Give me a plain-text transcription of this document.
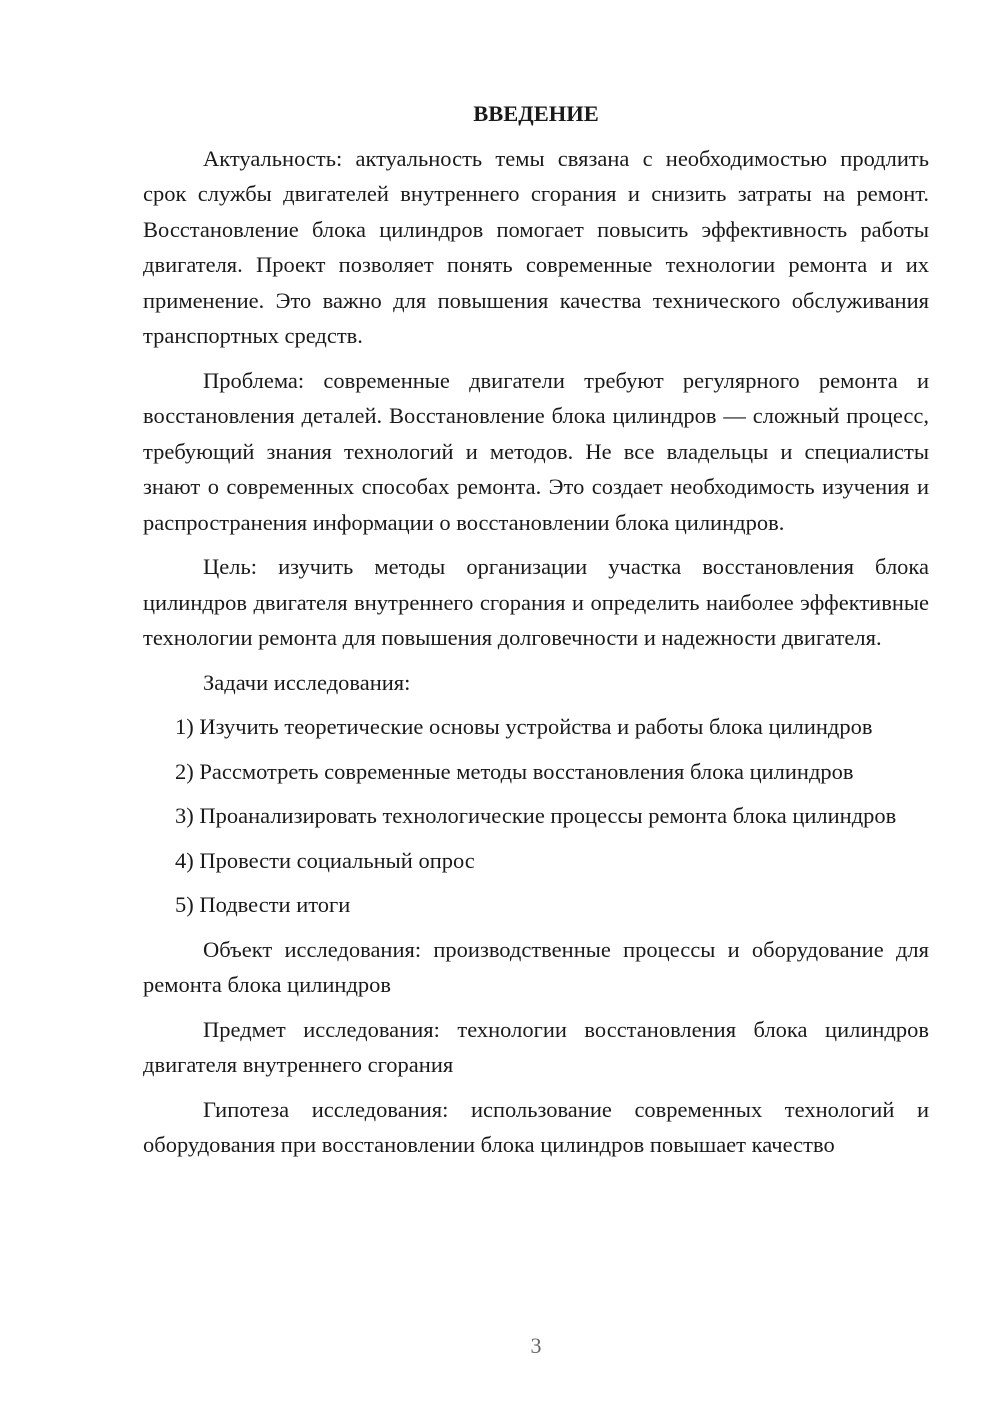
ВВЕДЕНИЕ

Актуальность: актуальность темы связана с необходимостью продлить срок службы двигателей внутреннего сгорания и снизить затраты на ремонт. Восстановление блока цилиндров помогает повысить эффективность работы двигателя. Проект позволяет понять современные технологии ремонта и их применение. Это важно для повышения качества технического обслуживания транспортных средств.

Проблема: современные двигатели требуют регулярного ремонта и восстановления деталей. Восстановление блока цилиндров — сложный процесс, требующий знания технологий и методов. Не все владельцы и специалисты знают о современных способах ремонта. Это создает необходимость изучения и распространения информации о восстановлении блока цилиндров.

Цель: изучить методы организации участка восстановления блока цилиндров двигателя внутреннего сгорания и определить наиболее эффективные технологии ремонта для повышения долговечности и надежности двигателя.

Задачи исследования:

1) Изучить теоретические основы устройства и работы блока цилиндров

2) Рассмотреть современные методы восстановления блока цилиндров

3) Проанализировать технологические процессы ремонта блока цилиндров

4) Провести социальный опрос

5) Подвести итоги

Объект исследования: производственные процессы и оборудование для ремонта блока цилиндров

Предмет исследования: технологии восстановления блока цилиндров двигателя внутреннего сгорания

Гипотеза исследования: использование современных технологий и оборудования при восстановлении блока цилиндров повышает качество

3
